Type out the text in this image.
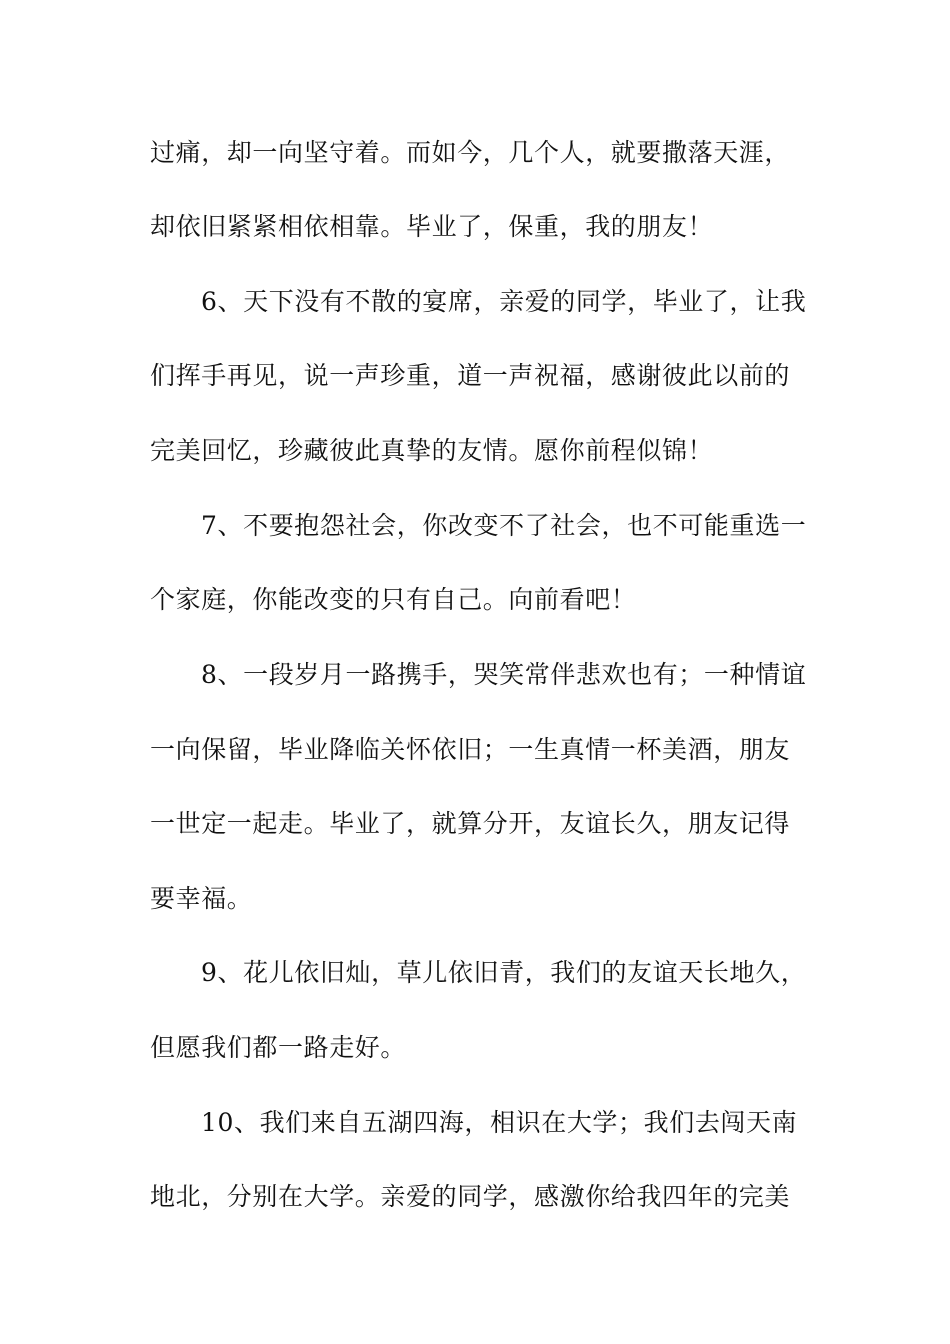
过痛，却一向坚守着。而如今，几个人，就要撒落天涯，
却依旧紧紧相依相靠。毕业了，保重，我的朋友！
6、天下没有不散的宴席，亲爱的同学，毕业了，让我
们挥手再见，说一声珍重，道一声祝福，感谢彼此以前的
完美回忆，珍藏彼此真挚的友情。愿你前程似锦！
7、不要抱怨社会，你改变不了社会，也不可能重选一
个家庭，你能改变的只有自己。向前看吧！
8、一段岁月一路携手，哭笑常伴悲欢也有；一种情谊
一向保留，毕业降临关怀依旧；一生真情一杯美酒，朋友
一世定一起走。毕业了，就算分开，友谊长久，朋友记得
要幸福。
9、花儿依旧灿，草儿依旧青，我们的友谊天长地久，
但愿我们都一路走好。
10、我们来自五湖四海，相识在大学；我们去闯天南
地北，分别在大学。亲爱的同学，感激你给我四年的完美
